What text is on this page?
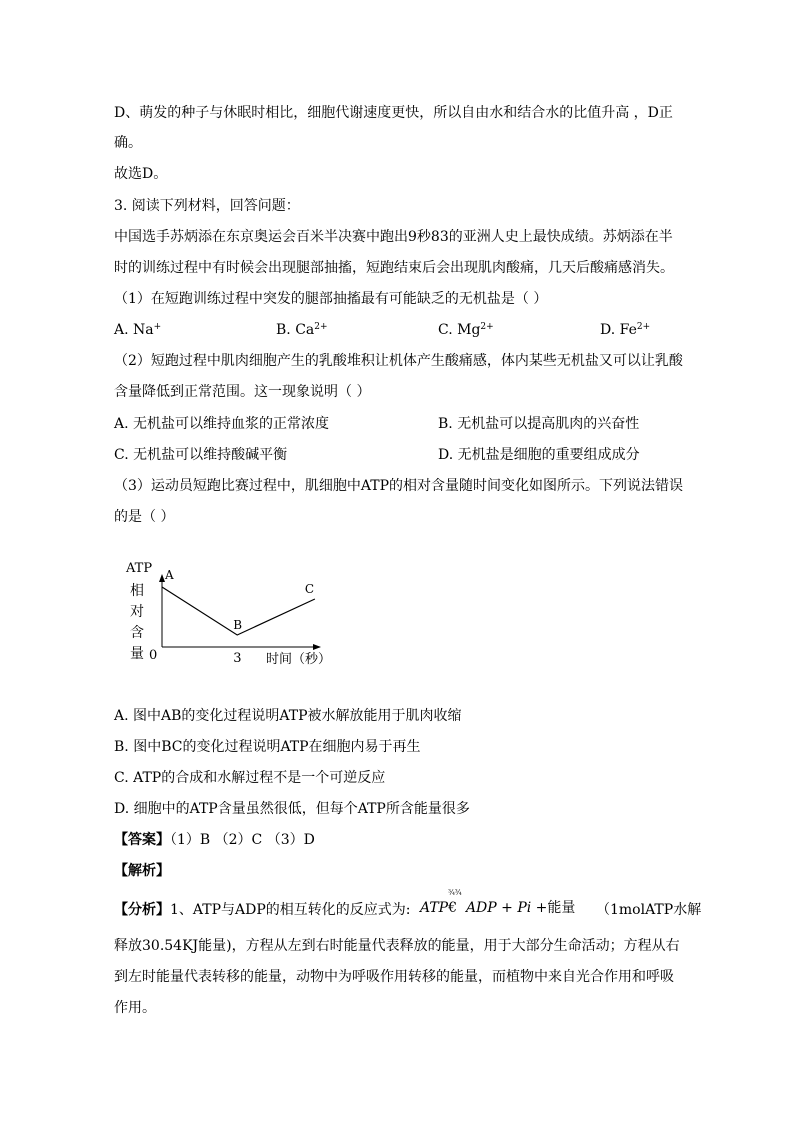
D、萌发的种子与休眠时相比，细胞代谢速度更快，所以自由水和结合水的比值升高 ，D正
确。
故选D。
3. 阅读下列材料，回答问题：
中国选手苏炳添在东京奥运会百米半决赛中跑出9秒83的亚洲人史上最快成绩。苏炳添在半
时的训练过程中有时候会出现腿部抽搐，短跑结束后会出现肌肉酸痛，几天后酸痛感消失。
（1）在短跑训练过程中突发的腿部抽搐最有可能缺乏的无机盐是（ ）
A. Na+	B. $Ca^{2+}$	C. $Mg^{2+}$	D. $Fe^{2+}$
（2）短跑过程中肌肉细胞产生的乳酸堆积让机体产生酸痛感，体内某些无机盐又可以让乳酸
含量降低到正常范围。这一现象说明（ ）
A. 无机盐可以维持血浆的正常浓度	B. 无机盐可以提高肌肉的兴奋性
C. 无机盐可以维持酸碱平衡	D. 无机盐是细胞的重要组成成分
（3）运动员短跑比赛过程中，肌细胞中ATP的相对含量随时间变化如图所示。下列说法错误
的是（ ）
ATP
相
对
含
量 0	3 时间（秒）
A
B
C
A. 图中AB的变化过程说明ATP被水解放能用于肌肉收缩
B. 图中BC的变化过程说明ATP在细胞内易于再生
C. ATP的合成和水解过程不是一个可逆反应
D. 细胞中的ATP含量虽然很低，但每个ATP所含能量很多
【答案】（1）B （2）C （3）D
【解析】
【分析】1、ATP与ADP的相互转化的反应式为: ATP€
¾¾
ADP + Pi +能量 （1molATP水解
释放30.54KJ能量)，方程从左到右时能量代表释放的能量，用于大部分生命活动；方程从右
到左时能量代表转移的能量，动物中为呼吸作用转移的能量，而植物中来自光合作用和呼吸
作用。
